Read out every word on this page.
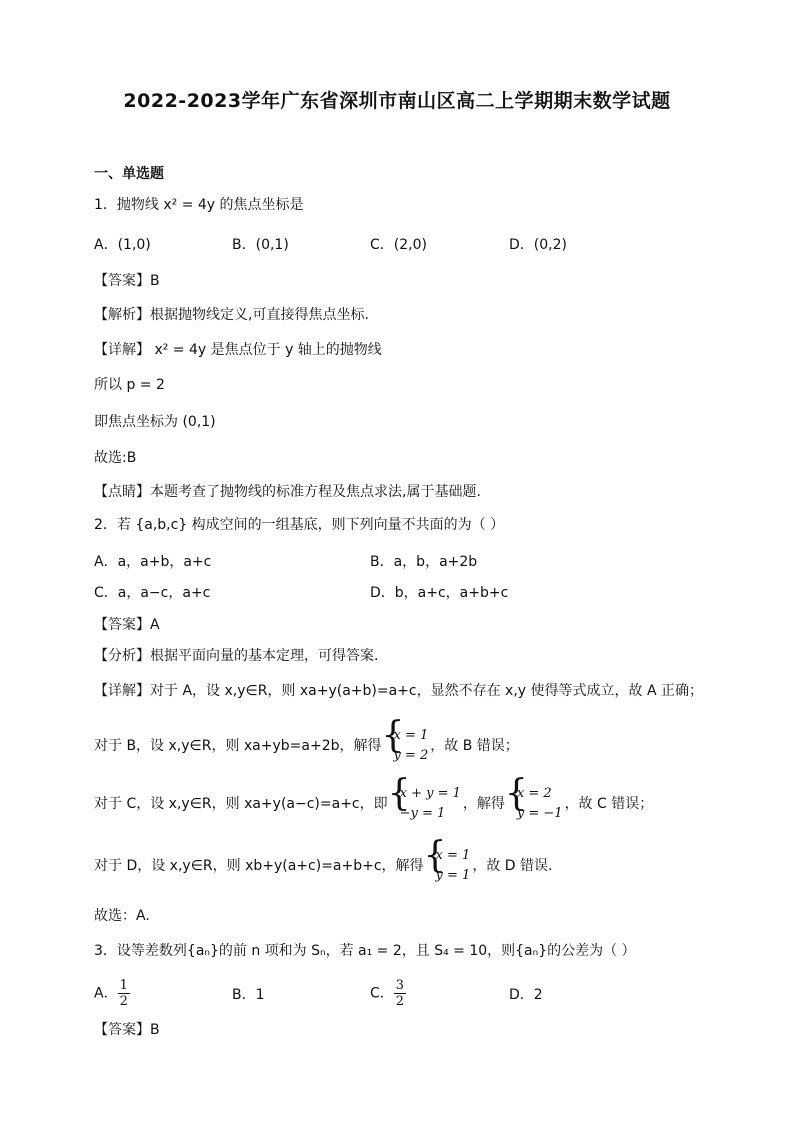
2022-2023学年广东省深圳市南山区高二上学期期末数学试题
一、单选题
1．抛物线 x² = 4y 的焦点坐标是
A．(1,0)	B．(0,1)	C．(2,0)	D．(0,2)
【答案】B
【解析】根据抛物线定义,可直接得焦点坐标.
【详解】 x² = 4y 是焦点位于 y 轴上的抛物线
所以 p = 2
即焦点坐标为 (0,1)
故选:B
【点睛】本题考查了抛物线的标准方程及焦点求法,属于基础题.
2．若 {a,b,c} 构成空间的一组基底，则下列向量不共面的为（ ）
A．a，a+b，a+c	B．a，b，a+2b
C．a，a−c，a+c	D．b，a+c，a+b+c
【答案】A
【分析】根据平面向量的基本定理，可得答案.
【详解】对于 A，设 x,y∈R，则 xa+y(a+b)=a+c，显然不存在 x,y 使得等式成立，故 A 正确；
对于 B，设 x,y∈R，则 xa+yb=a+2b，解得
{ x = 1
y = 2
，故 B 错误；
对于 C，设 x,y∈R，则 xa+y(a−c)=a+c，即
{ x + y = 1
−y = 1
，解得
{ x = 2
y = −1
，故 C 错误；
对于 D，设 x,y∈R，则 xb+y(a+c)=a+b+c，解得
{ x = 1
y = 1
，故 D 错误.
故选：A.
3．设等差数列{aₙ}的前 n 项和为 Sₙ，若 a₁ = 2，且 S₄ = 10，则{aₙ}的公差为（ ）
A． $\frac{1}{2}$	B．1	C． $\frac{3}{2}$	D．2
【答案】B
